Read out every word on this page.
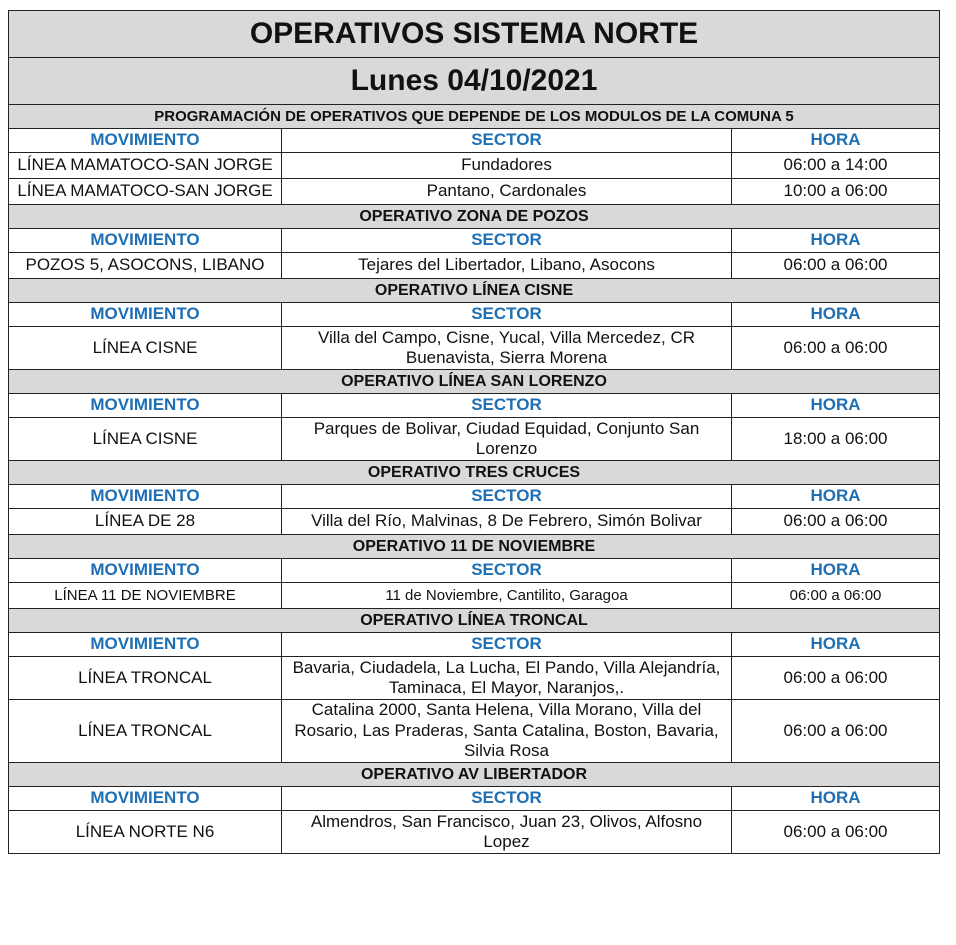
OPERATIVOS SISTEMA NORTE		
Lunes 04/10/2021		
PROGRAMACIÓN DE OPERATIVOS QUE DEPENDE DE LOS MODULOS DE LA COMUNA 5		
MOVIMIENTO	SECTOR	HORA
LÍNEA MAMATOCO-SAN JORGE	Fundadores	06:00 a 14:00
LÍNEA MAMATOCO-SAN JORGE	Pantano, Cardonales	10:00 a 06:00
OPERATIVO ZONA DE POZOS		
MOVIMIENTO	SECTOR	HORA
POZOS 5, ASOCONS, LIBANO	Tejares del Libertador, Libano, Asocons	06:00 a 06:00
OPERATIVO LÍNEA CISNE		
MOVIMIENTO	SECTOR	HORA
LÍNEA CISNE	Villa del Campo, Cisne, Yucal, Villa Mercedez, CR Buenavista, Sierra Morena	06:00 a 06:00
OPERATIVO LÍNEA SAN LORENZO		
MOVIMIENTO	SECTOR	HORA
LÍNEA CISNE	Parques de Bolivar, Ciudad Equidad, Conjunto San Lorenzo	18:00 a 06:00
OPERATIVO TRES CRUCES		
MOVIMIENTO	SECTOR	HORA
LÍNEA DE 28	Villa del Río, Malvinas, 8 De Febrero, Simón Bolivar	06:00 a 06:00
OPERATIVO 11 DE NOVIEMBRE		
MOVIMIENTO	SECTOR	HORA
LÍNEA 11 DE NOVIEMBRE	11 de Noviembre, Cantilito, Garagoa	06:00 a 06:00
OPERATIVO LÍNEA TRONCAL		
MOVIMIENTO	SECTOR	HORA
LÍNEA TRONCAL	Bavaria, Ciudadela, La Lucha, El Pando, Villa Alejandría, Taminaca, El Mayor, Naranjos,.	06:00 a 06:00
LÍNEA TRONCAL	Catalina 2000, Santa Helena, Villa Morano, Villa del Rosario, Las Praderas, Santa Catalina, Boston, Bavaria, Silvia Rosa	06:00 a 06:00
OPERATIVO AV LIBERTADOR		
MOVIMIENTO	SECTOR	HORA
LÍNEA NORTE N6	Almendros, San Francisco, Juan 23, Olivos, Alfosno Lopez	06:00 a 06:00
